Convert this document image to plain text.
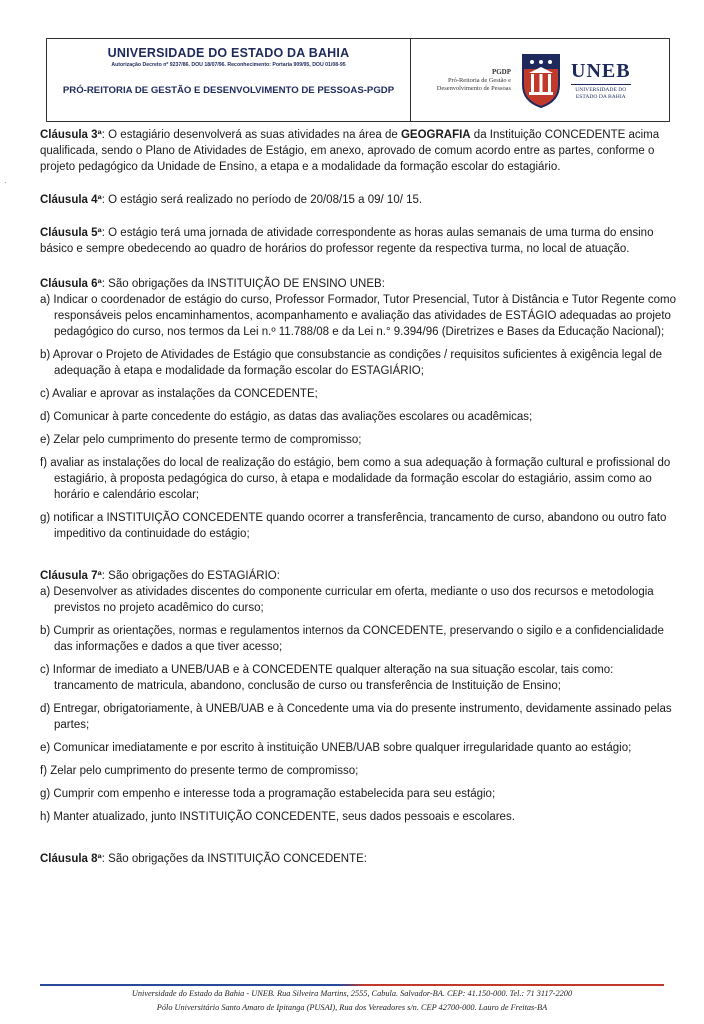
UNIVERSIDADE DO ESTADO DA BAHIA
Autorização Decreto nº 9237/86. DOU 18/07/96. Reconhecimento: Portaria 909/95, DOU 01/08-95
PRÓ-REITORIA DE GESTÃO E DESENVOLVIMENTO DE PESSOAS-PGDP
PGDP
Pró-Reitoria de Gestão e
Desenvolvimento de Pessoas
UNEB
UNIVERSIDADE DO
ESTADO DA BAHIA
·

Cláusula 3ª: O estagiário desenvolverá as suas atividades na área de GEOGRAFIA da Instituição CONCEDENTE acima qualificada, sendo o Plano de Atividades de Estágio, em anexo, aprovado de comum acordo entre as partes, conforme o projeto pedagógico da Unidade de Ensino, a etapa e a modalidade da formação escolar do estagiário.

Cláusula 4ª: O estágio será realizado no período de 20/08/15 a 09/ 10/ 15.

Cláusula 5ª: O estágio terá uma jornada de atividade correspondente as horas aulas semanais de uma turma do ensino básico e sempre obedecendo ao quadro de horários do professor regente da respectiva turma, no local de atuação.

Cláusula 6ª: São obrigações da INSTITUIÇÃO DE ENSINO UNEB:

a) Indicar o coordenador de estágio do curso, Professor Formador, Tutor Presencial, Tutor à Distância e Tutor Regente como responsáveis pelos encaminhamentos, acompanhamento e avaliação das atividades de ESTÁGIO adequadas ao projeto pedagógico do curso, nos termos da Lei n.º 11.788/08 e da Lei n.° 9.394/96 (Diretrizes e Bases da Educação Nacional);

b) Aprovar o Projeto de Atividades de Estágio que consubstancie as condições / requisitos suficientes à exigência legal de adequação à etapa e modalidade da formação escolar do ESTAGIÁRIO;

c) Avaliar e aprovar as instalações da CONCEDENTE;

d) Comunicar à parte concedente do estágio, as datas das avaliações escolares ou acadêmicas;

e) Zelar pelo cumprimento do presente termo de compromisso;

f) avaliar as instalações do local de realização do estágio, bem como a sua adequação à formação cultural e profissional do estagiário, à proposta pedagógica do curso, à etapa e modalidade da formação escolar do estagiário, assim como ao horário e calendário escolar;

g) notificar a INSTITUIÇÃO CONCEDENTE quando ocorrer a transferência, trancamento de curso, abandono ou outro fato impeditivo da continuidade do estágio;

Cláusula 7ª: São obrigações do ESTAGIÁRIO:

a) Desenvolver as atividades discentes do componente curricular em oferta, mediante o uso dos recursos e metodologia previstos no projeto acadêmico do curso;

b) Cumprir as orientações, normas e regulamentos internos da CONCEDENTE, preservando o sigilo e a confidencialidade das informações e dados a que tiver acesso;

c) Informar de imediato a UNEB/UAB e à CONCEDENTE qualquer alteração na sua situação escolar, tais como: trancamento de matricula, abandono, conclusão de curso ou transferência de Instituição de Ensino;

d) Entregar, obrigatoriamente, à UNEB/UAB e à Concedente uma via do presente instrumento, devidamente assinado pelas partes;

e) Comunicar imediatamente e por escrito à instituição UNEB/UAB sobre qualquer irregularidade quanto ao estágio;

f) Zelar pelo cumprimento do presente termo de compromisso;

g) Cumprir com empenho e interesse toda a programação estabelecida para seu estágio;

h) Manter atualizado, junto INSTITUIÇÃO CONCEDENTE, seus dados pessoais e escolares.

Cláusula 8ª: São obrigações da INSTITUIÇÃO CONCEDENTE:

Universidade do Estado da Bahia - UNEB. Rua Silveira Martins, 2555, Cabula. Salvador-BA. CEP: 41.150-000. Tel.: 71 3117-2200
Pólo Universitário Santo Amaro de Ipitanga (PUSAI), Rua dos Vereadores s/n. CEP 42700-000. Lauro de Freitas-BA
